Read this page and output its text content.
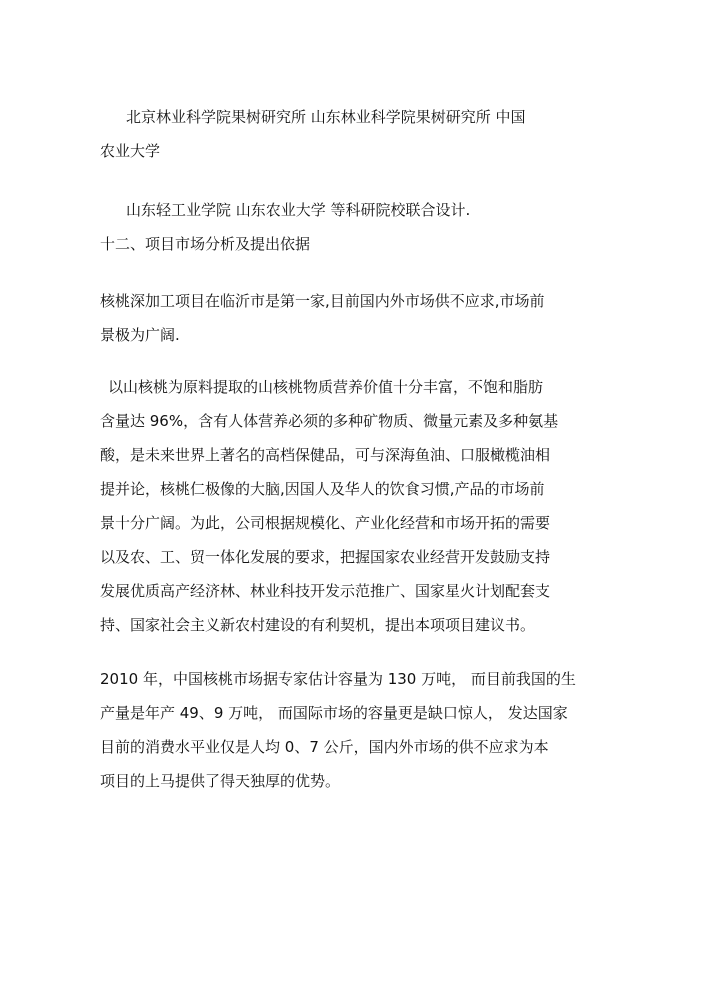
北京林业科学院果树研究所 山东林业科学院果树研究所 中国
农业大学

山东轻工业学院 山东农业大学 等科研院校联合设计.

十二、项目市场分析及提出依据

核桃深加工项目在临沂市是第一家,目前国内外市场供不应求,市场前
景极为广阔.

以山核桃为原料提取的山核桃物质营养价值十分丰富，不饱和脂肪
含量达 96%，含有人体营养必须的多种矿物质、微量元素及多种氨基
酸，是未来世界上著名的高档保健品，可与深海鱼油、口服橄榄油相
提并论，核桃仁极像的大脑,因国人及华人的饮食习惯,产品的市场前
景十分广阔。为此，公司根据规模化、产业化经营和市场开拓的需要
以及农、工、贸一体化发展的要求，把握国家农业经营开发鼓励支持
发展优质高产经济林、林业科技开发示范推广、国家星火计划配套支
持、国家社会主义新农村建设的有利契机，提出本项项目建议书。

2010 年，中国核桃市场据专家估计容量为 130 万吨， 而目前我国的生
产量是年产 49、9 万吨， 而国际市场的容量更是缺口惊人， 发达国家
目前的消费水平业仅是人均 0、7 公斤，国内外市场的供不应求为本
项目的上马提供了得天独厚的优势。
